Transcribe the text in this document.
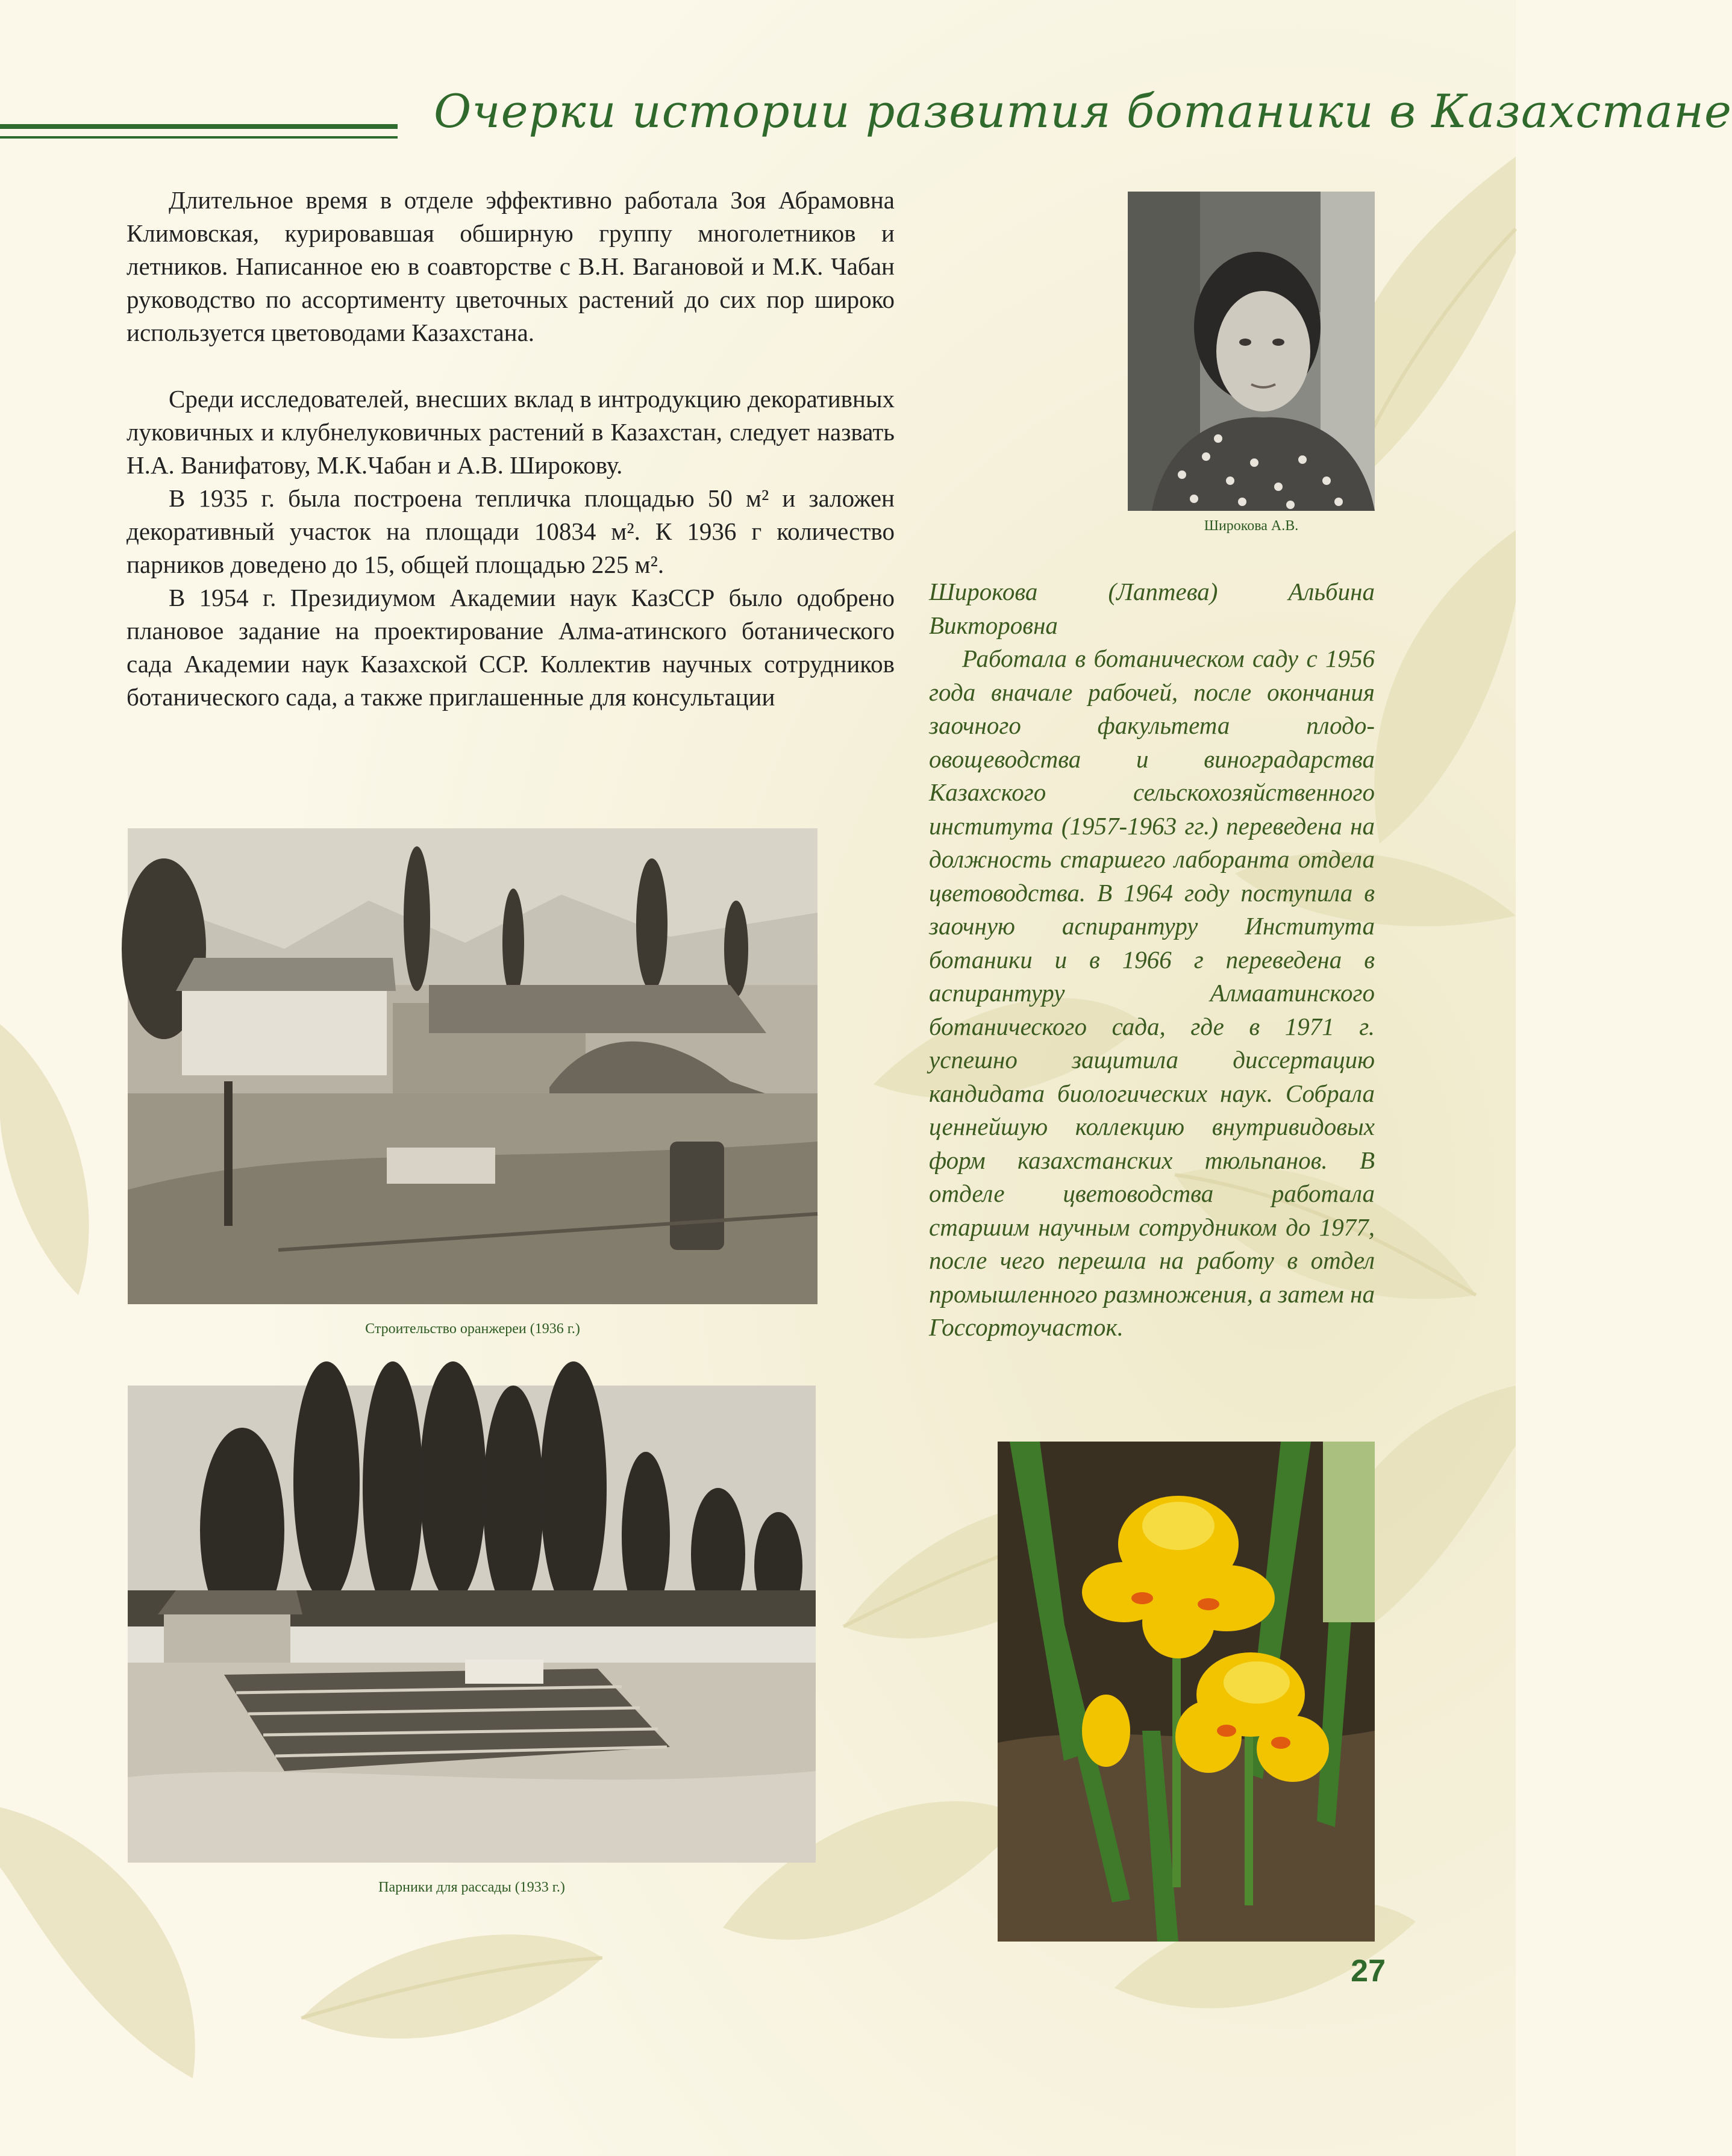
Очерки истории развития ботаники в Казахстане

Длительное время в отделе эффективно работала Зоя Абрамовна Климовская, курировавшая обширную группу многолетников и летников. Написанное ею в соавторстве с В.Н. Вагановой и М.К. Чабан руководство по ассортименту цветочных растений до сих пор широко используется цветоводами Казахстана.

Среди исследователей, внесших вклад в интродукцию декоративных луковичных и клубнелуковичных растений в Казахстан, следует назвать Н.А. Ванифатову, М.К.Чабан и А.В. Широкову.

В 1935 г. была построена тепличка площадью 50 м² и заложен декоративный участок на площади 10834 м². К 1936 г количество парников доведено до 15, общей площадью 225 м².

В 1954 г. Президиумом Академии наук КазССР было одобрено плановое задание на проектирование Алма-атинского ботанического сада Академии наук Казахской ССР. Коллектив научных сотрудников ботанического сада, а также приглашенные для консультации

Широкова А.В.

Широкова (Лаптева) Альбина

Викторовна

Работала в ботаническом саду с 1956 года вначале рабочей, после окончания заочного факультета плодо-овощеводства и виноградарства Казахского сельскохозяйственного института (1957-1963 гг.) переведена на должность старшего лаборанта отдела цветоводства. В 1964 году поступила в заочную аспирантуру Института ботаники и в 1966 г переведена в аспирантуру Алмаатинского ботанического сада, где в 1971 г. успешно защитила диссертацию кандидата биологических наук. Собрала ценнейшую коллекцию внутривидовых форм казахстанских тюльпанов. В отделе цветоводства работала старшим научным сотрудником до 1977, после чего перешла на работу в отдел промышленного размножения, а затем на Госсортоучасток.

Строительство оранжереи (1936 г.)
Парники для рассады (1933 г.)
27
